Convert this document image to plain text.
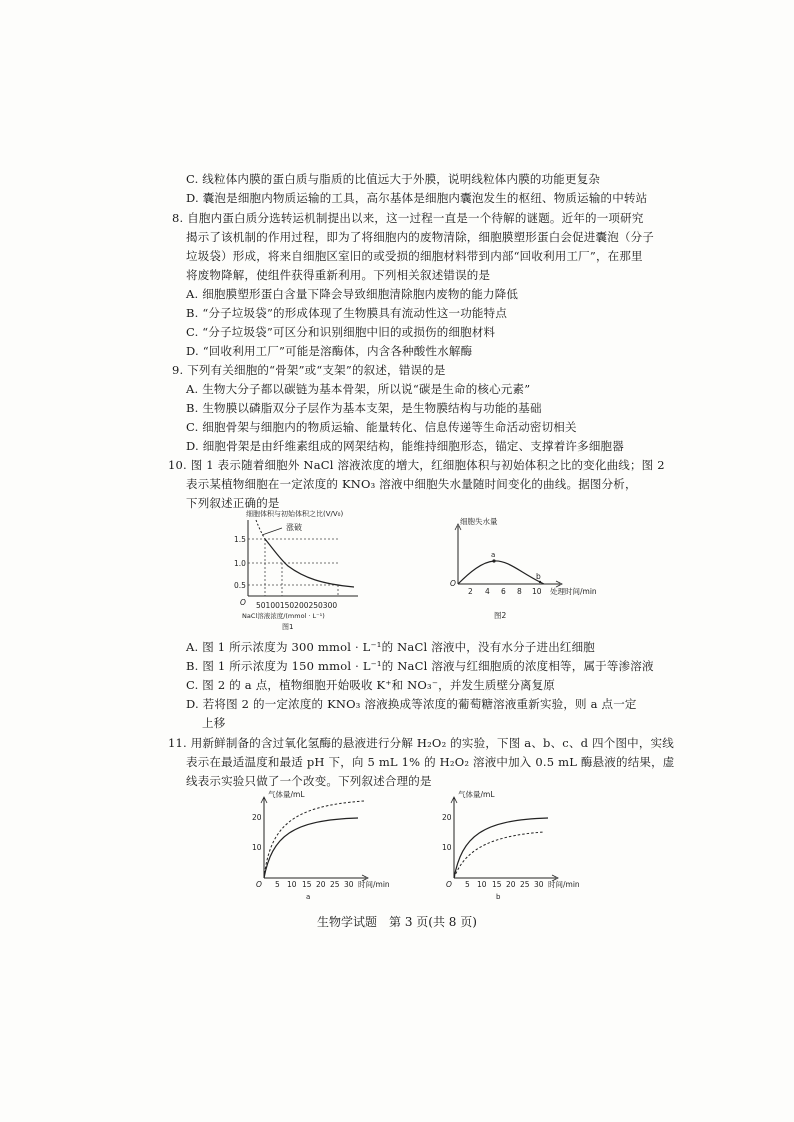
C. 线粒体内膜的蛋白质与脂质的比值远大于外膜，说明线粒体内膜的功能更复杂
D. 囊泡是细胞内物质运输的工具，高尔基体是细胞内囊泡发生的枢纽、物质运输的中转站
8. 自胞内蛋白质分选转运机制提出以来，这一过程一直是一个待解的谜题。近年的一项研究
揭示了该机制的作用过程，即为了将细胞内的废物清除，细胞膜塑形蛋白会促进囊泡（分子
垃圾袋）形成，将来自细胞区室旧的或受损的细胞材料带到内部“回收利用工厂”，在那里
将废物降解，使组件获得重新利用。下列相关叙述错误的是
A. 细胞膜塑形蛋白含量下降会导致细胞清除胞内废物的能力降低
B. “分子垃圾袋”的形成体现了生物膜具有流动性这一功能特点
C. “分子垃圾袋”可区分和识别细胞中旧的或损伤的细胞材料
D. “回收利用工厂”可能是溶酶体，内含各种酸性水解酶
9. 下列有关细胞的“骨架”或“支架”的叙述，错误的是
A. 生物大分子都以碳链为基本骨架，所以说“碳是生命的核心元素”
B. 生物膜以磷脂双分子层作为基本支架，是生物膜结构与功能的基础
C. 细胞骨架与细胞内的物质运输、能量转化、信息传递等生命活动密切相关
D. 细胞骨架是由纤维素组成的网架结构，能维持细胞形态，锚定、支撑着许多细胞器
10. 图 1 表示随着细胞外 NaCl 溶液浓度的增大，红细胞体积与初始体积之比的变化曲线；图 2
表示某植物细胞在一定浓度的 KNO₃ 溶液中细胞失水量随时间变化的曲线。据图分析，
下列叙述正确的是
细胞体积与初始体积之比(V/V₀)
涨破
1.5
1.0
0.5
O 50100150200250300
NaCl溶液浓度/(mmol · L⁻¹)
图1
细胞失水量
a
b
O
2 4 6 8 10 处理时间/min
图2
A. 图 1 所示浓度为 300 mmol · L⁻¹的 NaCl 溶液中，没有水分子进出红细胞
B. 图 1 所示浓度为 150 mmol · L⁻¹的 NaCl 溶液与红细胞质的浓度相等，属于等渗溶液
C. 图 2 的 a 点，植物细胞开始吸收 K⁺和 NO₃⁻，并发生质壁分离复原
D. 若将图 2 的一定浓度的 KNO₃ 溶液换成等浓度的葡萄糖溶液重新实验，则 a 点一定
上移
11. 用新鲜制备的含过氧化氢酶的悬液进行分解 H₂O₂ 的实验，下图 a、b、c、d 四个图中，实线
表示在最适温度和最适 pH 下，向 5 mL 1% 的 H₂O₂ 溶液中加入 0.5 mL 酶悬液的结果，虚
线表示实验只做了一个改变。下列叙述合理的是
气体量/mL
20
10
O 5 10 15 20 25 30 时间/min
a
气体量/mL
20
10
O 5 10 15 20 25 30 时间/min
b
生物学试题　第 3 页(共 8 页)
